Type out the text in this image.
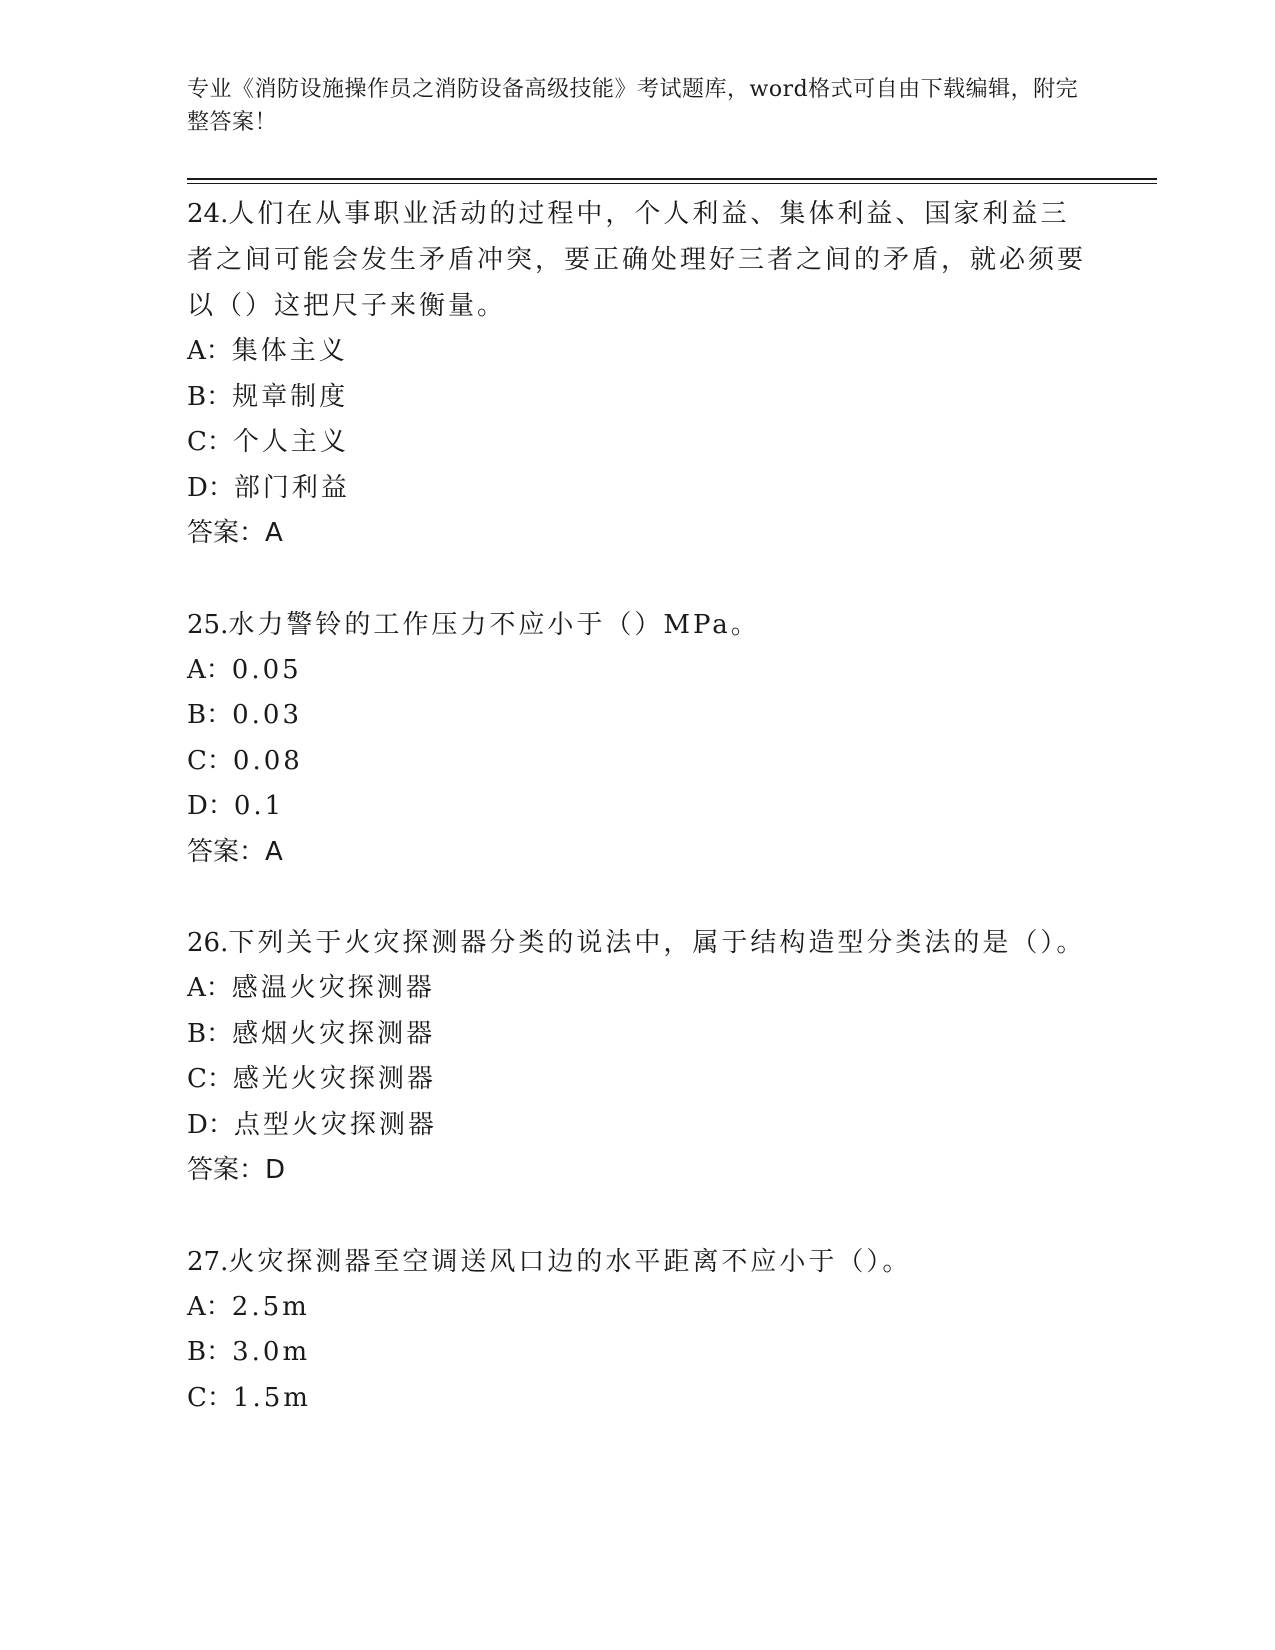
专业《消防设施操作员之消防设备高级技能》考试题库，word格式可自由下载编辑，附完整答案！
24.人们在从事职业活动的过程中，个人利益、集体利益、国家利益三者之间可能会发生矛盾冲突，要正确处理好三者之间的矛盾，就必须要以（）这把尺子来衡量。
A：集体主义
B：规章制度
C：个人主义
D：部门利益
答案：A
25.水力警铃的工作压力不应小于（）MPa。
A：0.05
B：0.03
C：0.08
D：0.1
答案：A
26.下列关于火灾探测器分类的说法中，属于结构造型分类法的是（）。
A：感温火灾探测器
B：感烟火灾探测器
C：感光火灾探测器
D：点型火灾探测器
答案：D
27.火灾探测器至空调送风口边的水平距离不应小于（）。
A：2.5m
B：3.0m
C：1.5m
